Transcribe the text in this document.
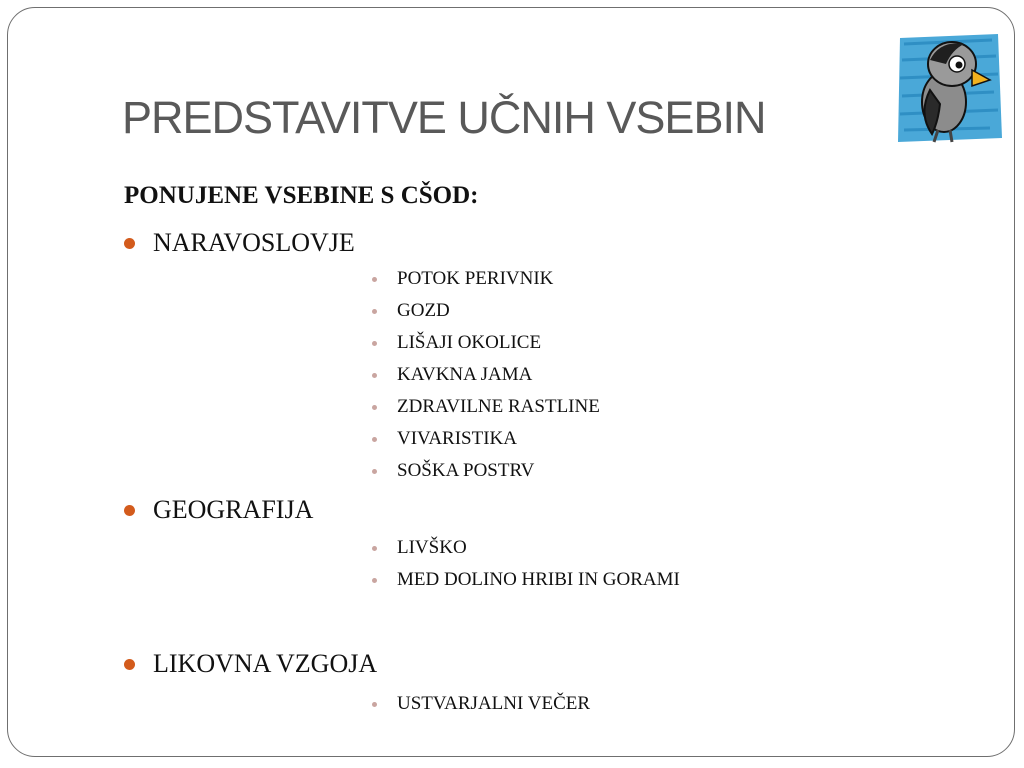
PREDSTAVITVE UČNIH VSEBIN
PONUJENE VSEBINE S CŠOD:
NARAVOSLOVJE
POTOK PERIVNIK
GOZD
LIŠAJI OKOLICE
KAVKNA JAMA
ZDRAVILNE RASTLINE
VIVARISTIKA
SOŠKA POSTRV
GEOGRAFIJA
LIVŠKO
MED DOLINO HRIBI IN GORAMI
LIKOVNA VZGOJA
USTVARJALNI VEČER
